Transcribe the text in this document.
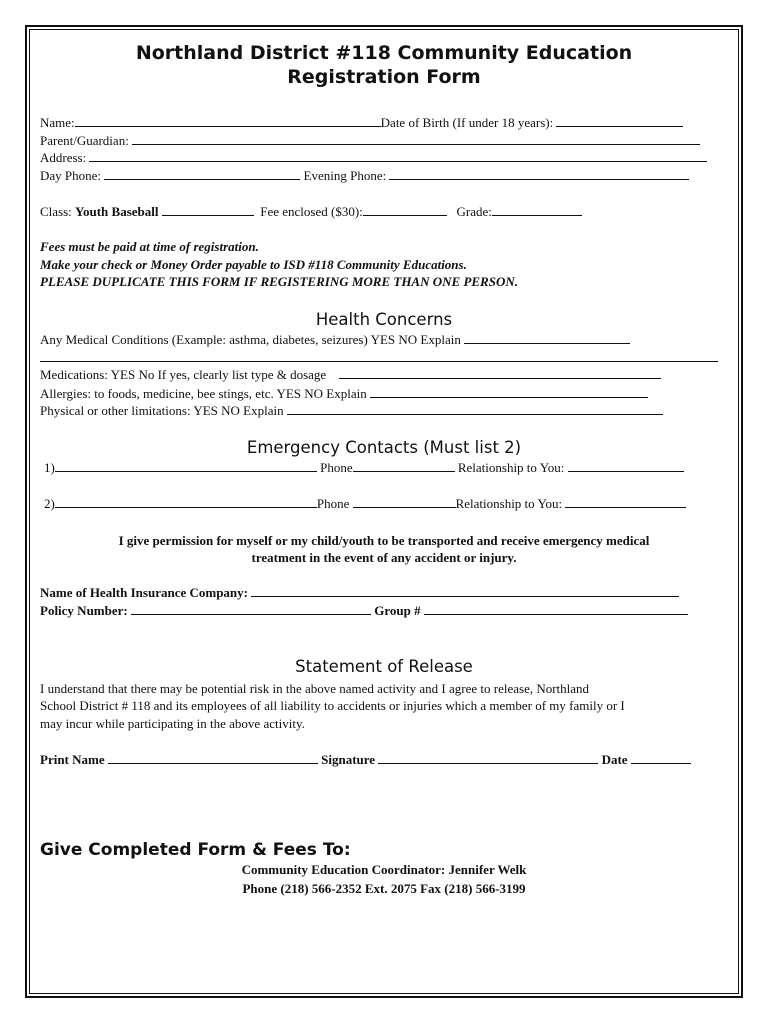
Northland District #118 Community Education
Registration Form
Name:	Date of Birth (If under 18 years):
Parent/Guardian:
Address:
Day Phone:	Evening Phone:
Class: Youth Baseball	Fee enclosed ($30):	Grade:
Fees must be paid at time of registration.
Make your check or Money Order payable to ISD #118 Community Educations.
PLEASE DUPLICATE THIS FORM IF REGISTERING MORE THAN ONE PERSON.
Health Concerns
Any Medical Conditions (Example: asthma, diabetes, seizures) YES NO Explain
Medications: YES No If yes, clearly list type & dosage
Allergies: to foods, medicine, bee stings, etc. YES NO Explain
Physical or other limitations: YES NO Explain
Emergency Contacts (Must list 2)
1)	Phone	Relationship to You:
2)	Phone	Relationship to You:
I give permission for myself or my child/youth to be transported and receive emergency medical
treatment in the event of any accident or injury.
Name of Health Insurance Company:
Policy Number:	Group #
Statement of Release
I understand that there may be potential risk in the above named activity and I agree to release, Northland
School District # 118 and its employees of all liability to accidents or injuries which a member of my family or I
may incur while participating in the above activity.
Print Name	Signature	Date
Give Completed Form & Fees To:
Community Education Coordinator: Jennifer Welk
Phone (218) 566-2352 Ext. 2075 Fax (218) 566-3199
